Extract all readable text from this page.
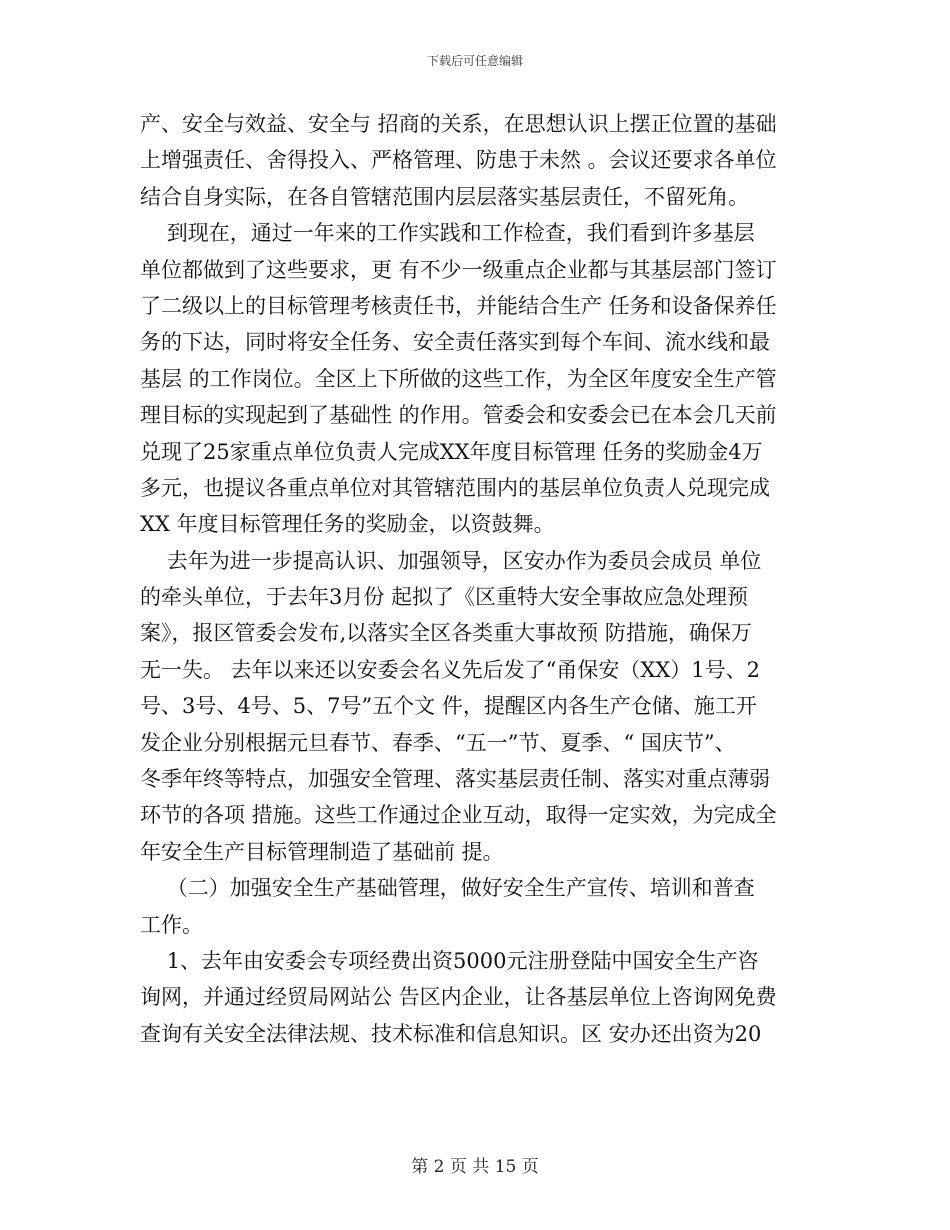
下载后可任意编辑
产、安全与效益、安全与 招商的关系，在思想认识上摆正位置的基础
上增强责任、舍得投入、严格管理、防患于未然 。会议还要求各单位
结合自身实际，在各自管辖范围内层层落实基层责任，不留死角。
到现在，通过一年来的工作实践和工作检查，我们看到许多基层
单位都做到了这些要求，更 有不少一级重点企业都与其基层部门签订
了二级以上的目标管理考核责任书，并能结合生产 任务和设备保养任
务的下达，同时将安全任务、安全责任落实到每个车间、流水线和最
基层 的工作岗位。全区上下所做的这些工作，为全区年度安全生产管
理目标的实现起到了基础性 的作用。管委会和安委会已在本会几天前
兑现了25家重点单位负责人完成XX年度目标管理 任务的奖励金4万
多元，也提议各重点单位对其管辖范围内的基层单位负责人兑现完成
XX 年度目标管理任务的奖励金，以资鼓舞。
去年为进一步提高认识、加强领导，区安办作为委员会成员 单位
的牵头单位，于去年3月份 起拟了《区重特大安全事故应急处理预
案》，报区管委会发布,以落实全区各类重大事故预 防措施，确保万
无一失。 去年以来还以安委会名义先后发了“甬保安（XX）1号、2
号、3号、4号、5、7号”五个文 件，提醒区内各生产仓储、施工开
发企业分别根据元旦春节、春季、“五一”节、夏季、“ 国庆节”、
冬季年终等特点，加强安全管理、落实基层责任制、落实对重点薄弱
环节的各项 措施。这些工作通过企业互动，取得一定实效，为完成全
年安全生产目标管理制造了基础前 提。
（二）加强安全生产基础管理，做好安全生产宣传、培训和普查
工作。
1、去年由安委会专项经费出资5000元注册登陆中国安全生产咨
询网，并通过经贸局网站公 告区内企业，让各基层单位上咨询网免费
查询有关安全法律法规、技术标准和信息知识。区 安办还出资为20
第 2 页 共 15 页
